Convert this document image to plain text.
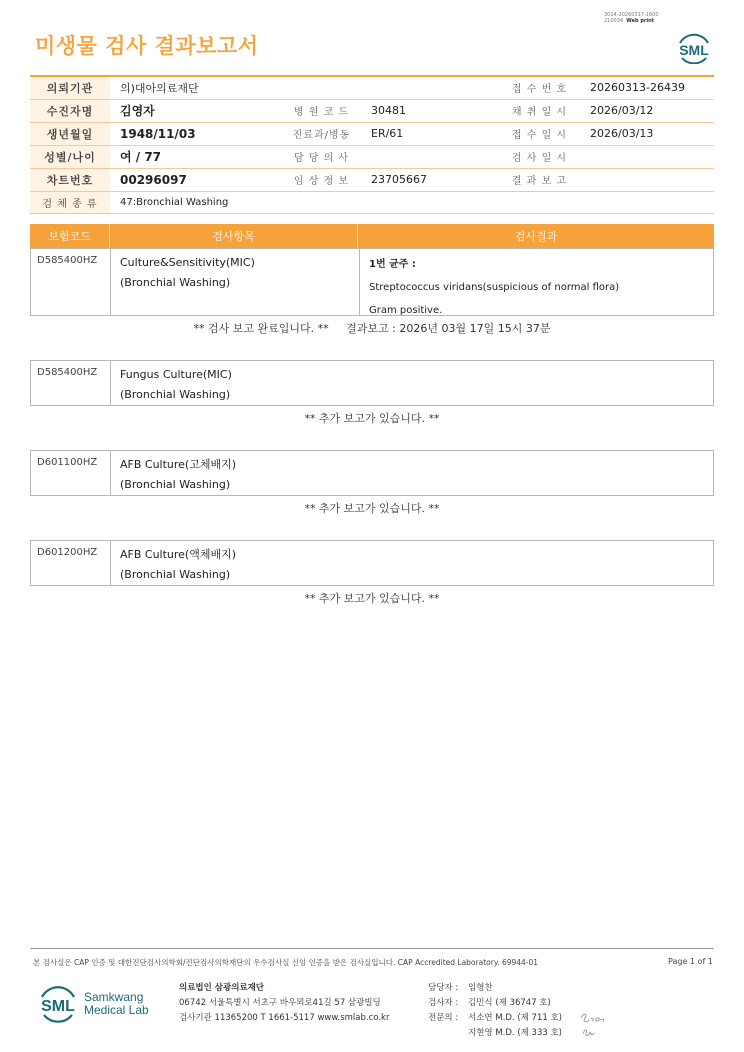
3014-20260317-1600
210034 Web print
미생물 검사 결과보고서	SML
의뢰기관	의)대아의료재단			접 수 번 호	20260313-26439
수진자명	김영자	병 원 코 드	30481	채 취 일 시	2026/03/12
생년월일	1948/11/03	진료과/병동	ER/61	접 수 일 시	2026/03/13
성별/나이	여 / 77	담 당 의 사		검 사 일 시	
차트번호	00296097	임 상 정 보	23705667	결 과 보 고	
검 체 종 류	47:Bronchial Washing				
보험코드	검사항목	검사결과
D585400HZ	Culture&Sensitivity(MIC)
(Bronchial Washing)
1번 균주 :
Streptococcus viridans(suspicious of normal flora)
Gram positive.
** 검사 보고 완료입니다. **     결과보고 : 2026년 03월 17일 15시 37분
D585400HZ	Fungus Culture(MIC)
(Bronchial Washing)
** 추가 보고가 있습니다. **
D601100HZ	AFB Culture(고체배지)
(Bronchial Washing)
** 추가 보고가 있습니다. **
D601200HZ	AFB Culture(액체배지)
(Bronchial Washing)
** 추가 보고가 있습니다. **
본 검사실은 CAP 인증 및 대한진단검사의학회/진단검사의학재단의 우수검사실 신임 인증을 받은 검사실입니다. CAP Accredited Laboratory. 69944-01	Page 1 of 1
SML
Samkwang
Medical Lab
의료법인 삼광의료재단
06742 서울특별시 서초구 바우뫼로41길 57 삼광빌딩
검사기관 11365200 T 1661-5117 www.smlab.co.kr
담당자 :	임형찬
검사자 :	김민식 (제 36747 호)
전문의 :	서소연 M.D. (제 711 호)
지현영 M.D. (제 333 호)
